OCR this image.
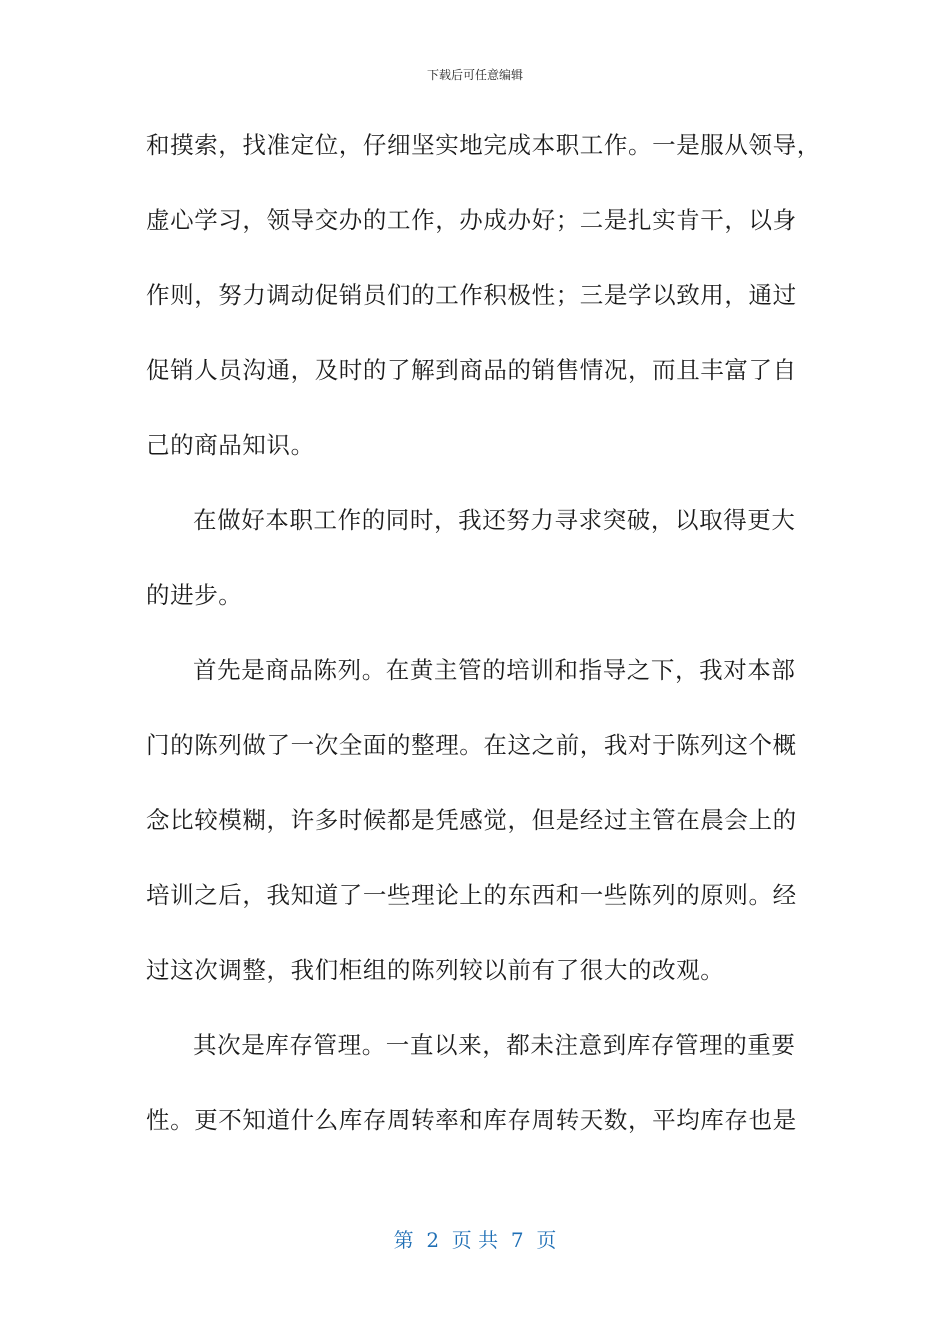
下载后可任意编辑
和摸索，找准定位，仔细坚实地完成本职工作。一是服从领导，
虚心学习，领导交办的工作，办成办好；二是扎实肯干，以身
作则，努力调动促销员们的工作积极性；三是学以致用，通过
促销人员沟通，及时的了解到商品的销售情况，而且丰富了自
己的商品知识。
在做好本职工作的同时，我还努力寻求突破，以取得更大
的进步。
首先是商品陈列。在黄主管的培训和指导之下，我对本部
门的陈列做了一次全面的整理。在这之前，我对于陈列这个概
念比较模糊，许多时候都是凭感觉，但是经过主管在晨会上的
培训之后，我知道了一些理论上的东西和一些陈列的原则。经
过这次调整，我们柜组的陈列较以前有了很大的改观。
其次是库存管理。一直以来，都未注意到库存管理的重要
性。更不知道什么库存周转率和库存周转天数，平均库存也是
第  2  页 共  7  页
